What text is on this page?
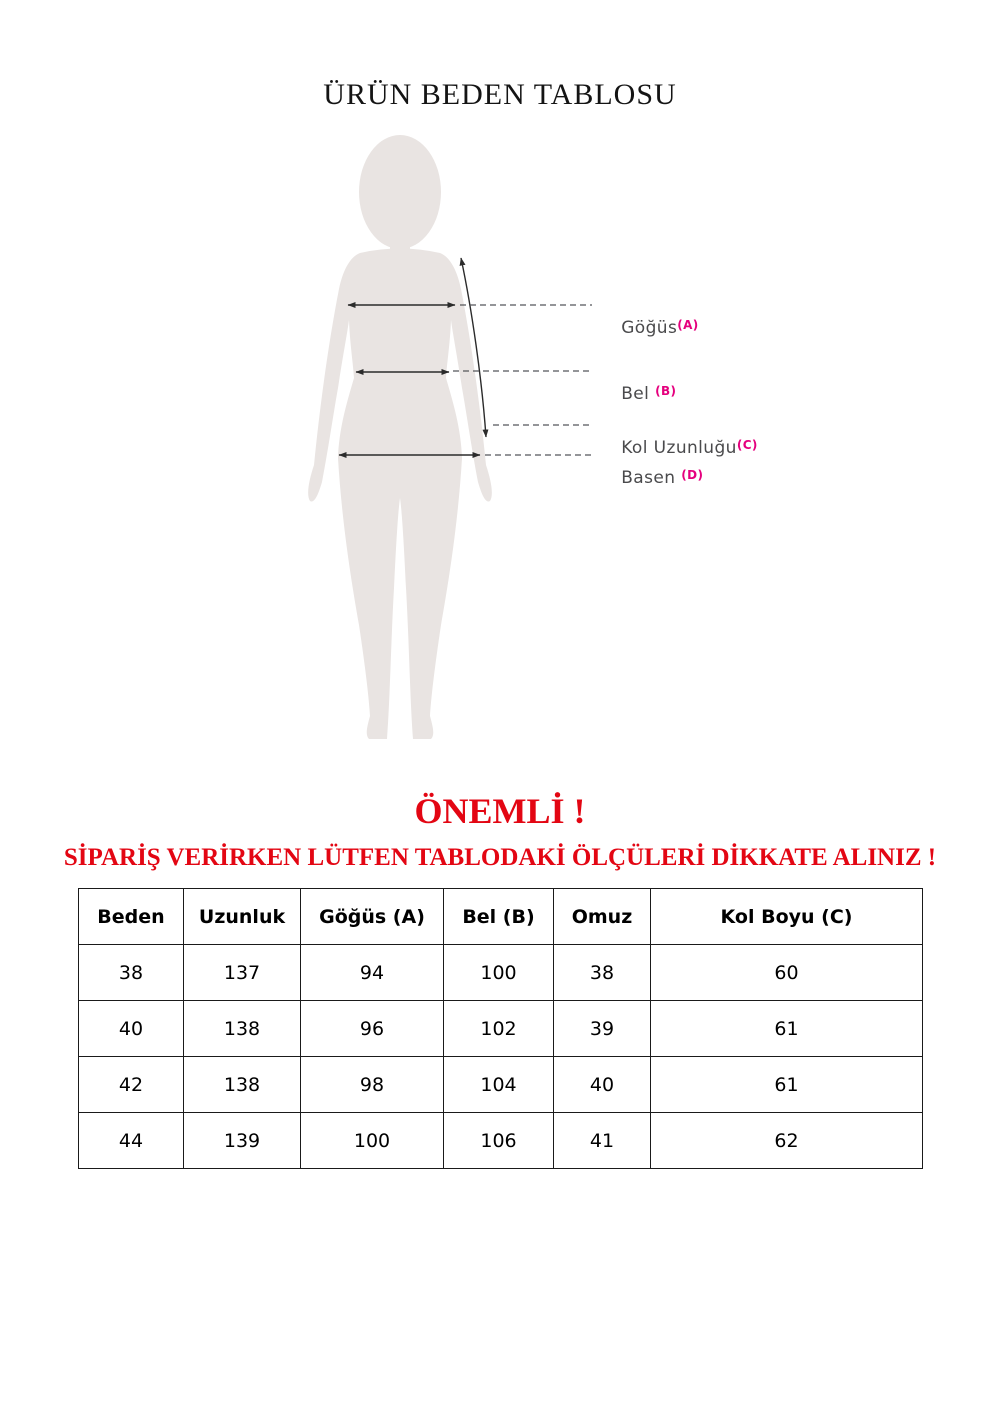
ÜRÜN BEDEN TABLOSU

Göğüs$^{(A)}$

Bel $^{(B)}$

Kol Uzunluğu$^{(C)}$

Basen $^{(D)}$

ÖNEMLİ !
SİPARİŞ VERİRKEN LÜTFEN TABLODAKİ ÖLÇÜLERİ DİKKATE ALINIZ !
Beden	Uzunluk	Göğüs (A)	Bel (B)	Omuz	Kol Boyu (C)
38	137	94	100	38	60
40	138	96	102	39	61
42	138	98	104	40	61
44	139	100	106	41	62
